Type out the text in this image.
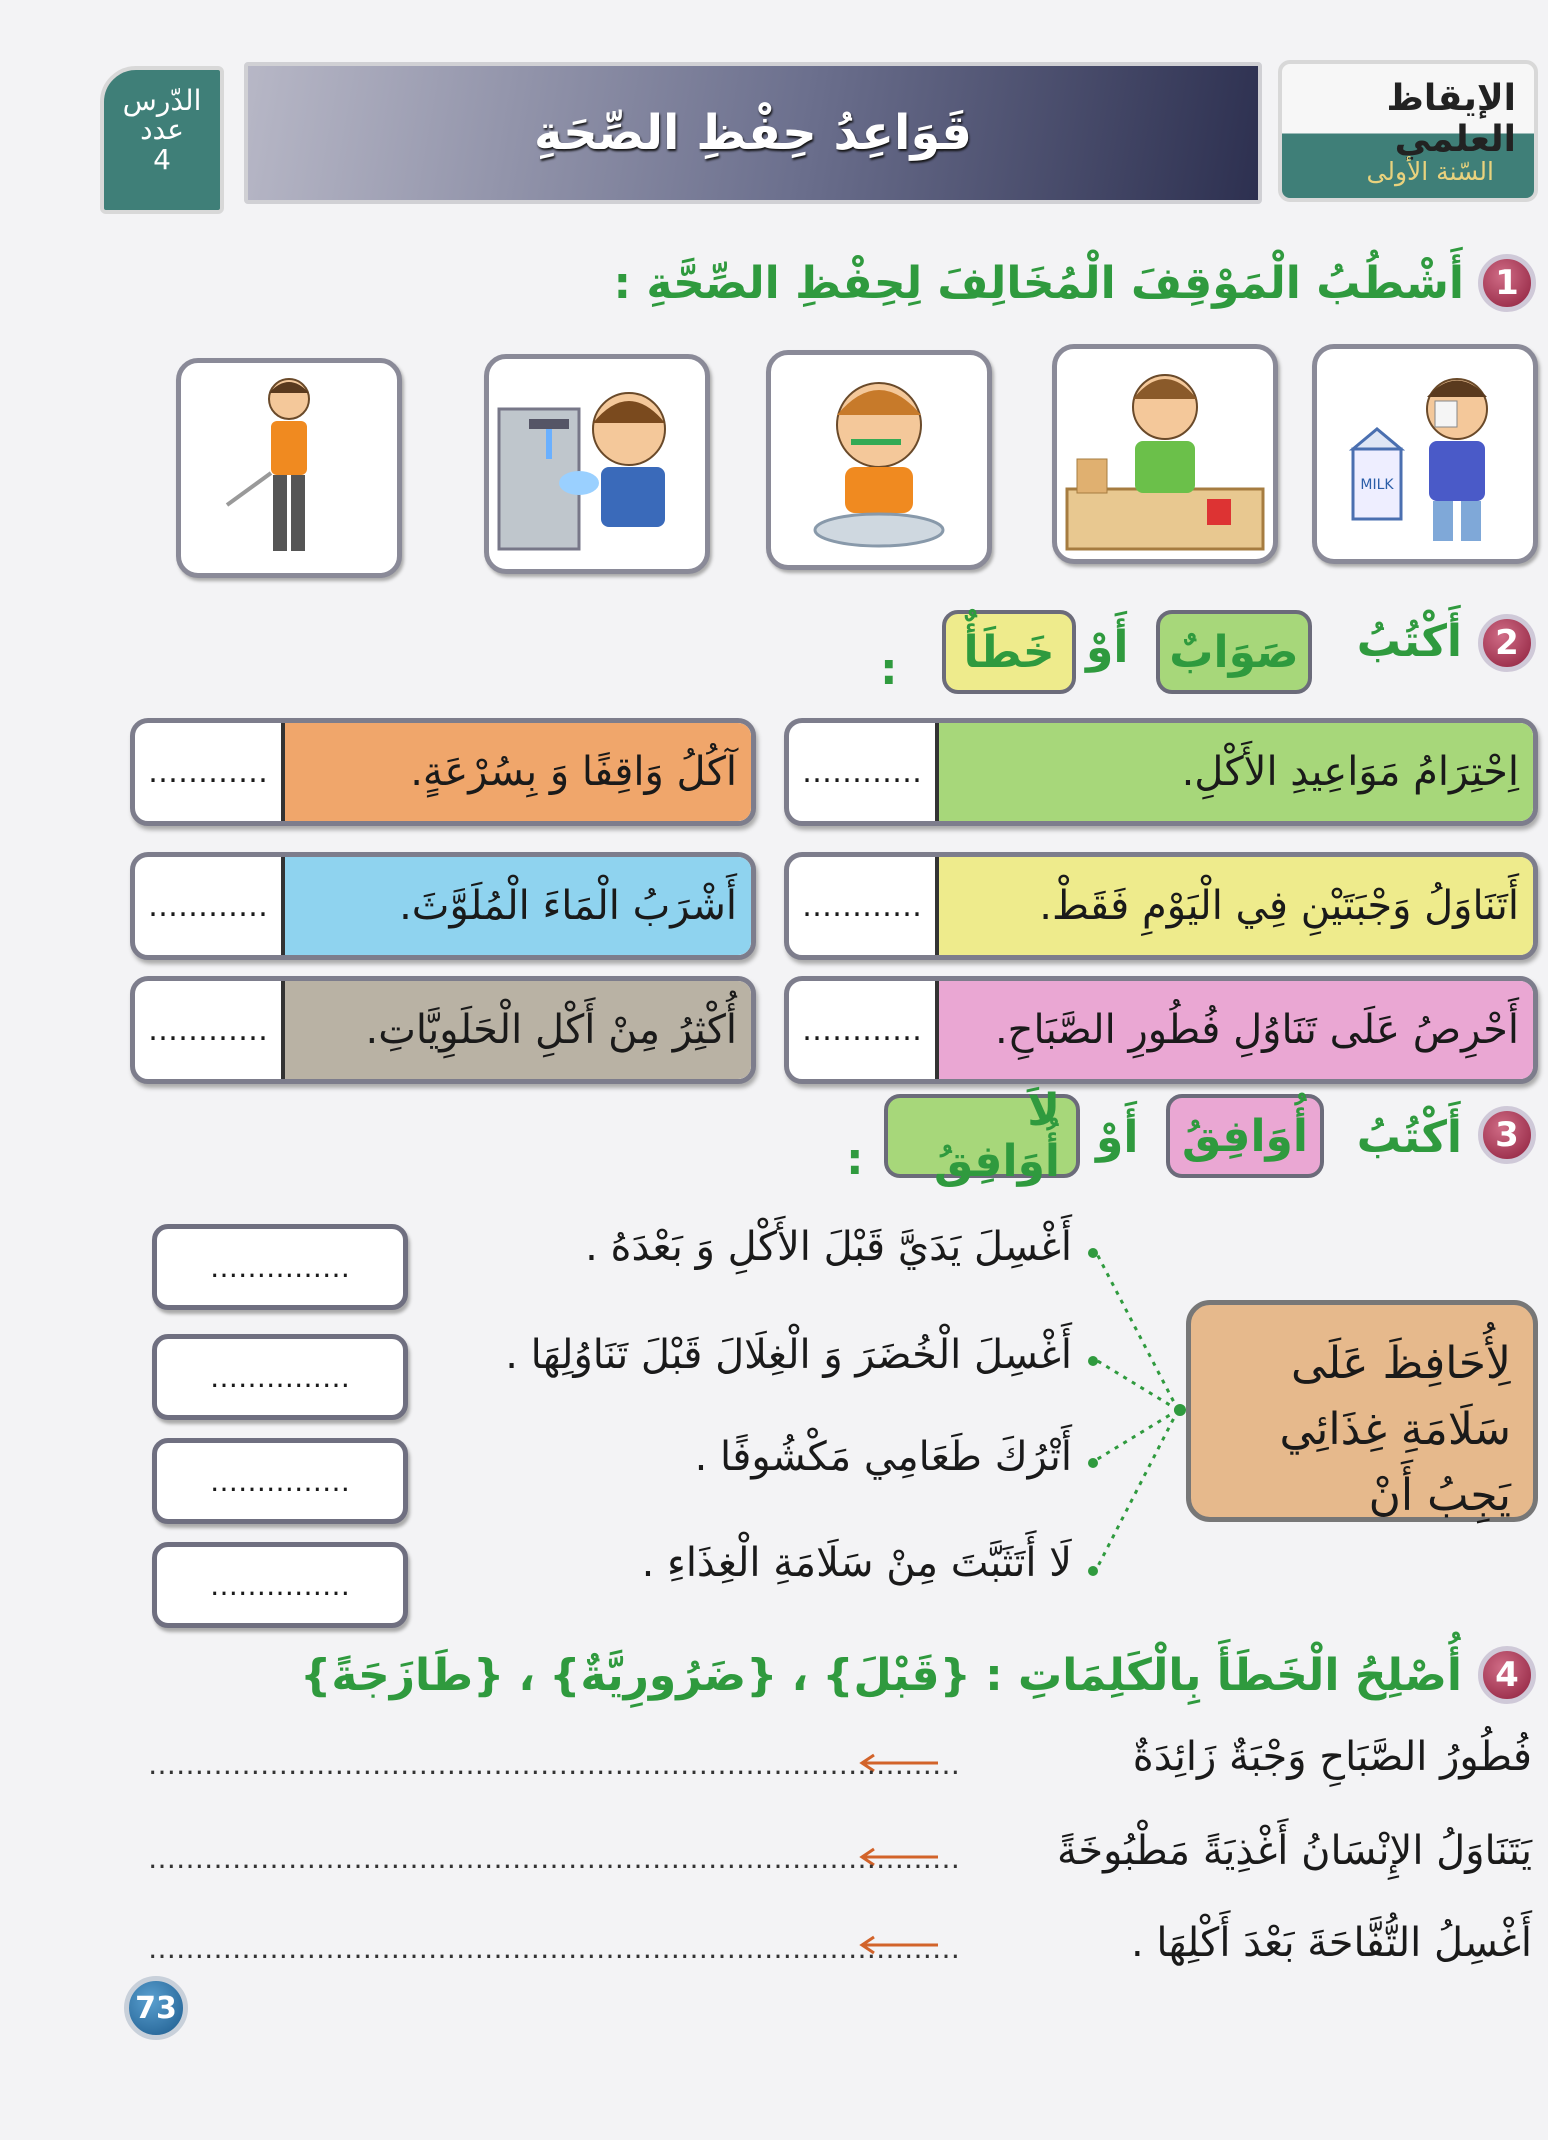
الإيقاظ العلمي
السّنة الأولى
قَوَاعِدُ حِفْظِ الصِّحَةِ
الدّرس
عدد
4
1
أَشْطُبُ الْمَوْقِفَ الْمُخَالِفَ لِحِفْظِ الصِّحَّةِ :
MILK
2
أَكْتُبُ
صَوَابٌ
أَوْ
خَطَأٌ
:
اِحْتِرَامُ مَوَاعِيدِ الأَكْلِ.
…………
أَتَنَاوَلُ وَجْبَتَيْنِ فِي الْيَوْمِ فَقَطْ.
…………
أَحْرِصُ عَلَى تَنَاوُلِ فُطُورِ الصَّبَاحِ.
…………
آكُلُ وَاقِفًا وَ بِسُرْعَةٍ.
…………
أَشْرَبُ الْمَاءَ الْمُلَوَّثَ.
…………
أُكْثِرُ مِنْ أَكْلِ الْحَلَوِيَّاتِ.
…………
3
أَكْتُبُ
أُوَافِقُ
أَوْ
لاَ أُوَافِقُ
:
لِأُحَافِظَ عَلَى سَلَامَةِ غِذَائِي يَجِبُ أَنْ
أَغْسِلَ يَدَيَّ قَبْلَ الأَكْلِ وَ بَعْدَهُ .
……………
أَغْسِلَ الْخُضَرَ وَ الْغِلَالَ قَبْلَ تَنَاوُلِهَا .
……………
أَتْرُكَ طَعَامِي مَكْشُوفًا .
……………
لَا أَتَثَبَّتَ مِنْ سَلَامَةِ الْغِذَاءِ .
……………
4
أُصْلِحُ الْخَطَأَ بِالْكَلِمَاتِ :
{قَبْلَ}
،
{ضَرُورِيَّةٌ}
،
{طَازَجَةً}
فُطُورُ الصَّبَاحِ وَجْبَةٌ زَائِدَةٌ
……………………………………………………………………………
يَتَنَاوَلُ الإِنْسَانُ أَغْذِيَةً مَطْبُوخَةً
……………………………………………………………………………
أَغْسِلُ التُّفَّاحَةَ بَعْدَ أَكْلِهَا .
……………………………………………………………………………
73
